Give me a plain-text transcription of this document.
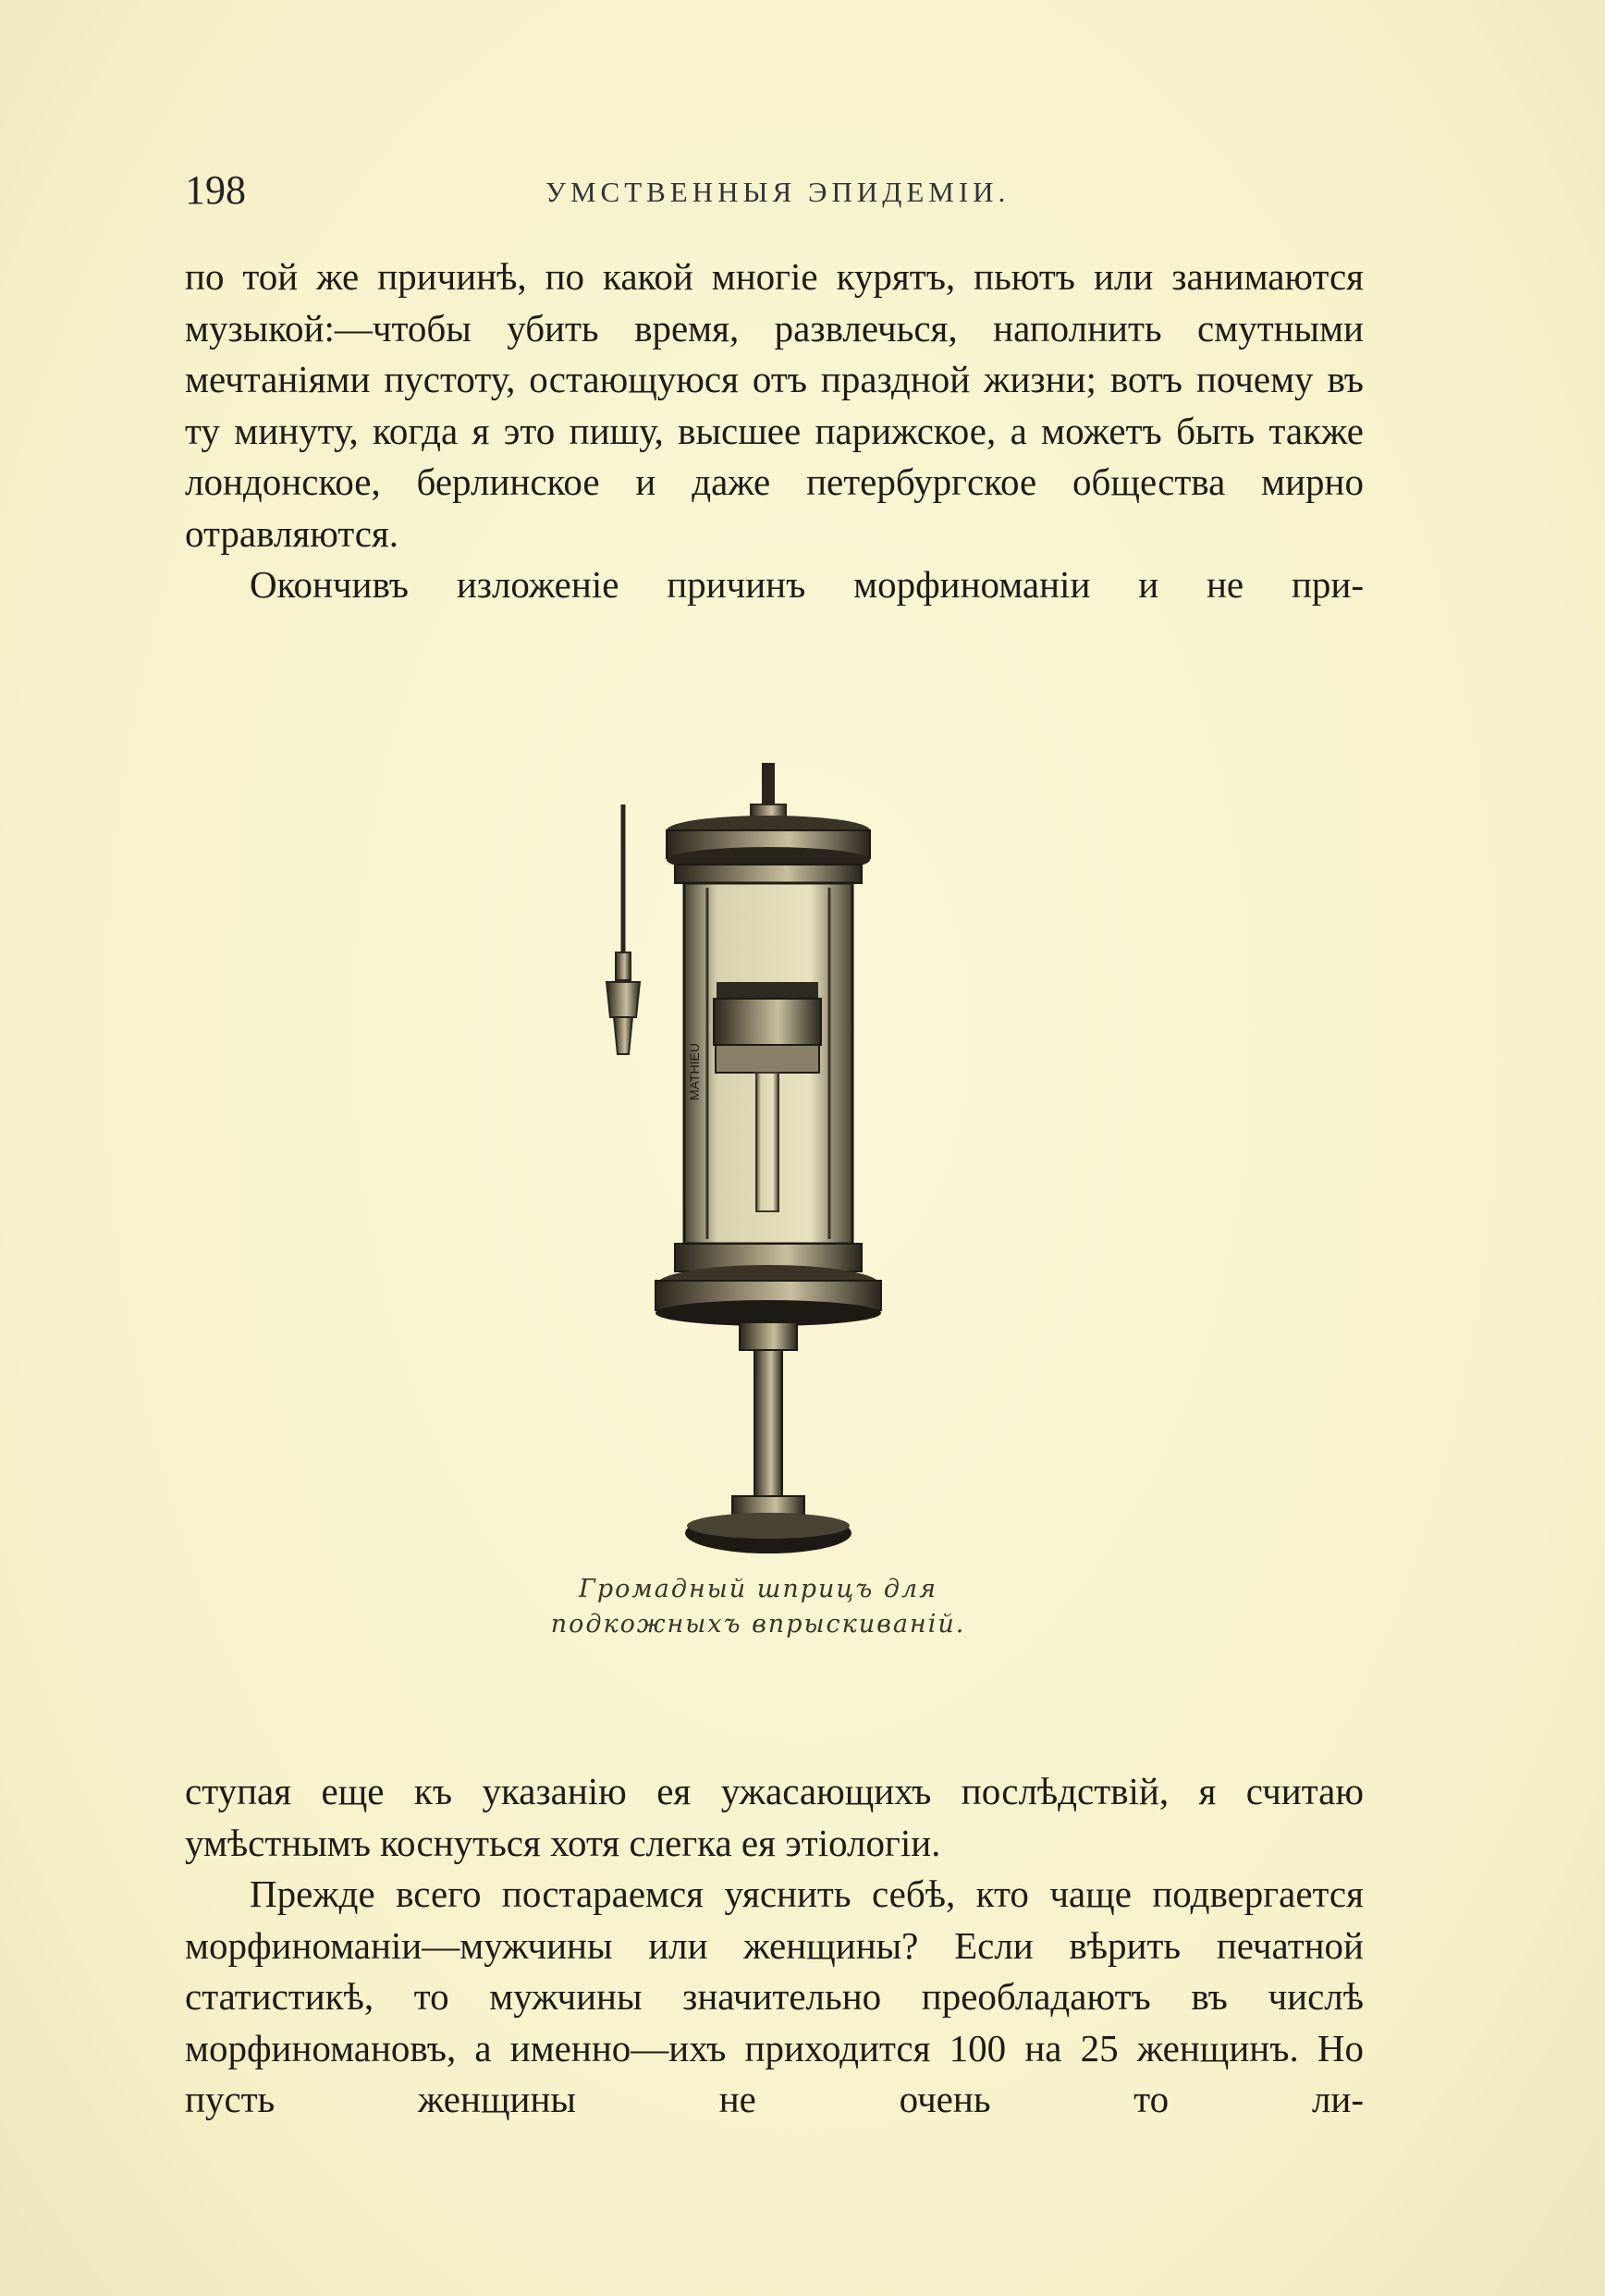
198	УМСТВЕННЫЯ ЭПИДЕМІИ.

по той же причинѣ, по какой многіе курятъ, пьютъ или занимаются музыкой:—чтобы убить время, развлечься, наполнить смутными мечтаніями пустоту, остающуюся отъ праздной жизни; вотъ почему въ ту минуту, когда я это пишу, высшее парижское, а можетъ быть также лондонское, берлинское и даже петербургское общества мирно отравляются.

Окончивъ изложеніе причинъ морфиноманіи и не при-

MATHIEU
Громадный шприцъ для
подкожныхъ впрыскиваній.

ступая еще къ указанію ея ужасающихъ послѣдствій, я считаю умѣстнымъ коснуться хотя слегка ея этіологіи.

Прежде всего постараемся уяснить себѣ, кто чаще подвергается морфиноманіи—мужчины или женщины? Если вѣрить печатной статистикѣ, то мужчины значительно преобладаютъ въ числѣ морфиномановъ, а именно—ихъ приходится 100 на 25 женщинъ. Но пусть женщины не очень то ли-
